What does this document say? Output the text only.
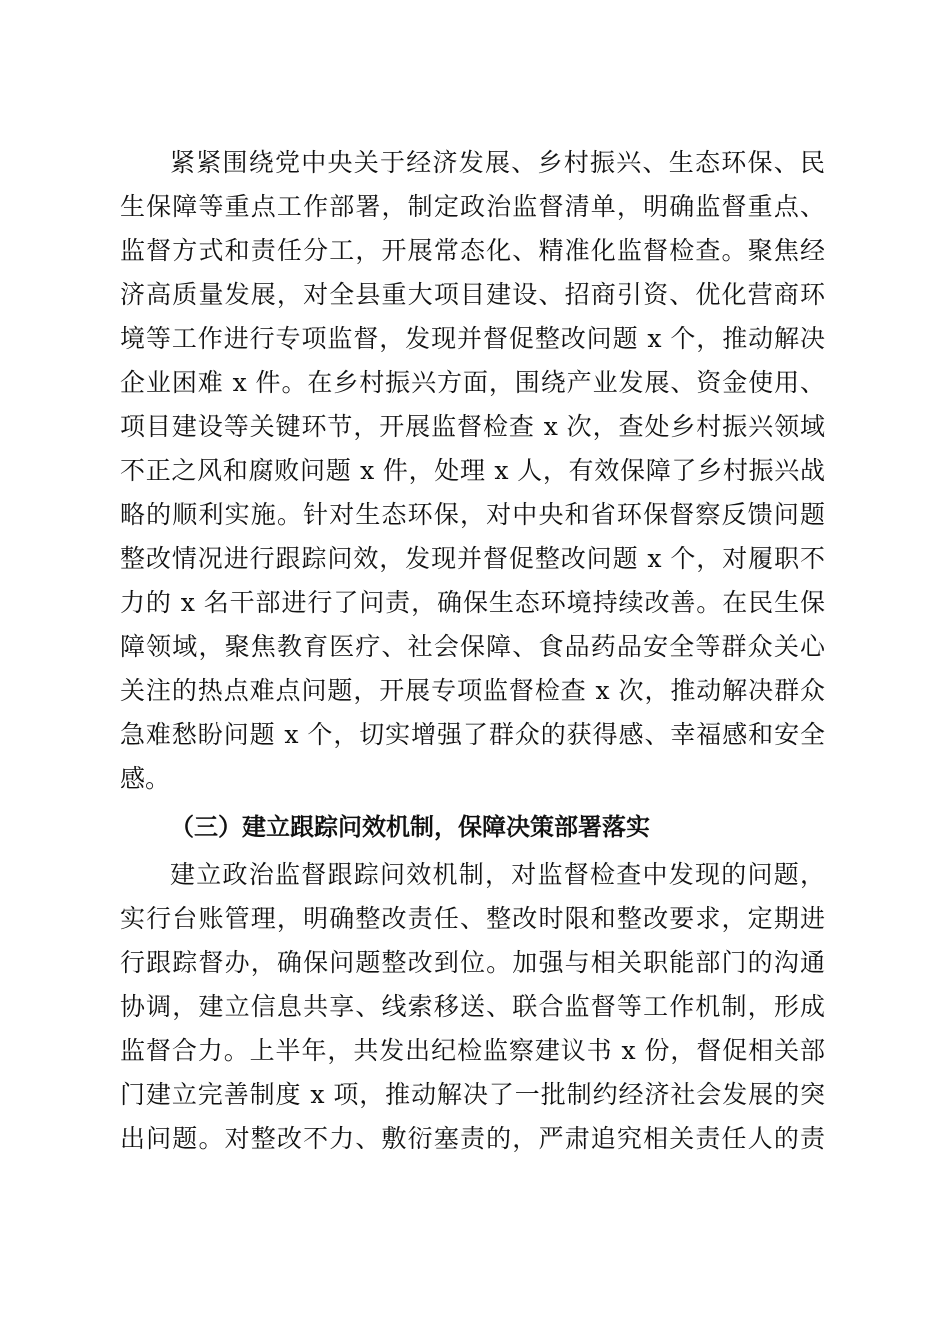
紧紧围绕党中央关于经济发展、乡村振兴、生态环保、民
生保障等重点工作部署，制定政治监督清单，明确监督重点、
监督方式和责任分工，开展常态化、精准化监督检查。聚焦经
济高质量发展，对全县重大项目建设、招商引资、优化营商环
境等工作进行专项监督，发现并督促整改问题 x 个，推动解决
企业困难 x 件。在乡村振兴方面，围绕产业发展、资金使用、
项目建设等关键环节，开展监督检查 x 次，查处乡村振兴领域
不正之风和腐败问题 x 件，处理 x 人，有效保障了乡村振兴战
略的顺利实施。针对生态环保，对中央和省环保督察反馈问题
整改情况进行跟踪问效，发现并督促整改问题 x 个，对履职不
力的 x 名干部进行了问责，确保生态环境持续改善。在民生保
障领域，聚焦教育医疗、社会保障、食品药品安全等群众关心
关注的热点难点问题，开展专项监督检查 x 次，推动解决群众
急难愁盼问题 x 个，切实增强了群众的获得感、幸福感和安全
感。
（三）建立跟踪问效机制，保障决策部署落实
建立政治监督跟踪问效机制，对监督检查中发现的问题，
实行台账管理，明确整改责任、整改时限和整改要求，定期进
行跟踪督办，确保问题整改到位。加强与相关职能部门的沟通
协调，建立信息共享、线索移送、联合监督等工作机制，形成
监督合力。上半年，共发出纪检监察建议书 x 份，督促相关部
门建立完善制度 x 项，推动解决了一批制约经济社会发展的突
出问题。对整改不力、敷衍塞责的，严肃追究相关责任人的责
